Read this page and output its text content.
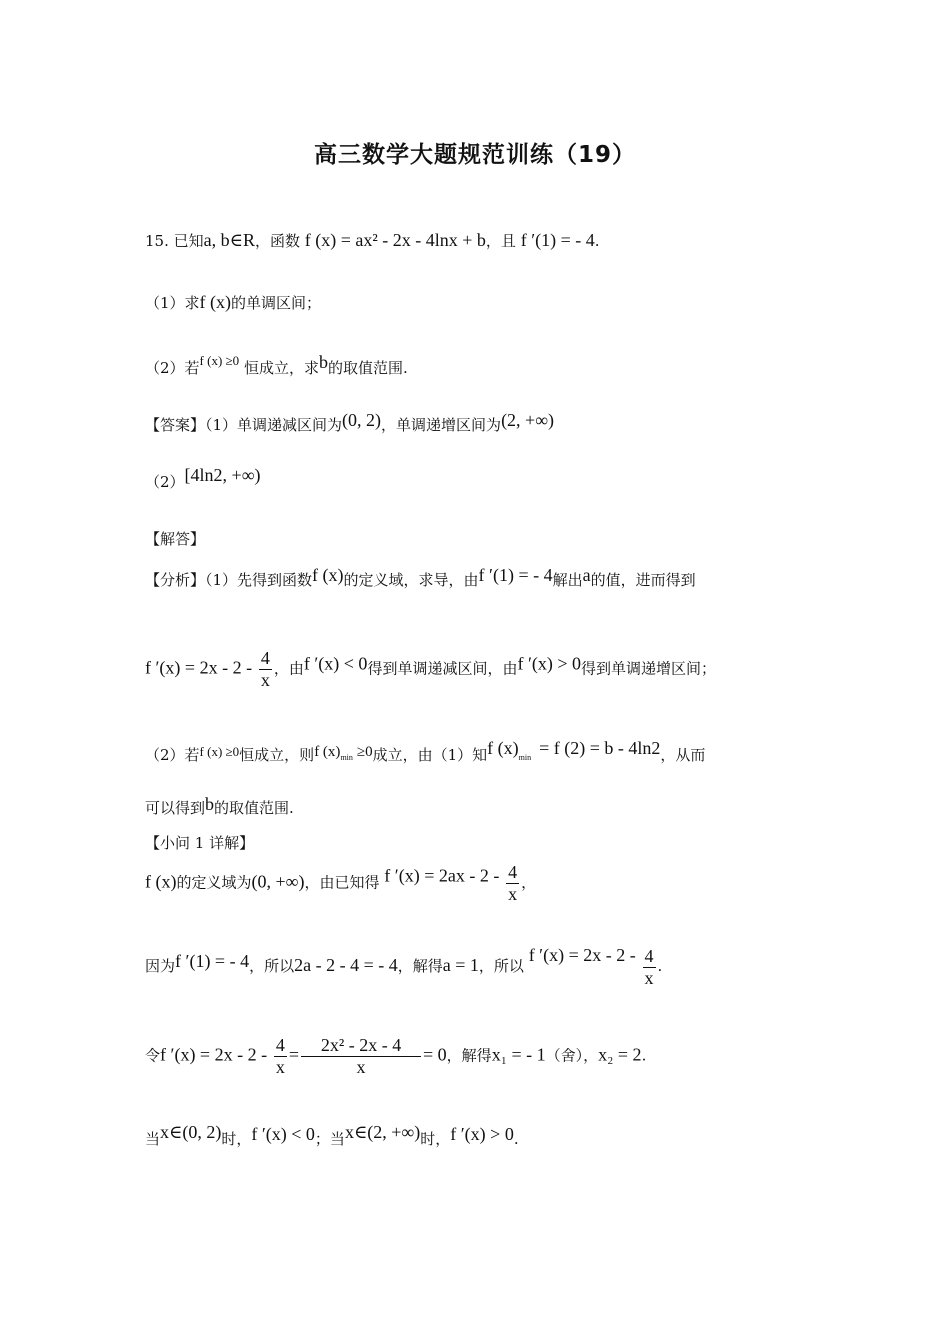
高三数学大题规范训练（19）
15. 已知a, b∈R，函数 f (x) = ax² - 2x - 4lnx + b，且 f ′(1) = - 4.
（1）求f (x)的单调区间；
（2）若f (x) ≥0 恒成立，求b的取值范围.
【答案】（1）单调递减区间为(0, 2)，单调递增区间为(2, +∞)
（2）[4ln2, +∞)
【解答】
【分析】（1）先得到函数f (x)的定义域，求导，由f ′(1) = - 4解出a的值，进而得到
f $'(x) = 2x - 2 - \frac{4}{x}$ ，由f ′(x) < 0得到单调递减区间，由f ′(x) > 0得到单调递增区间；
（2）若f (x) ≥0恒成立，则f (x)min ≥0成立，由（1）知f (x)min = f (2) = b - 4ln2，从而
可以得到b的取值范围.
【小问 1 详解】
f (x)的定义域为(0, +∞)，由已知得 f $'(x) = 2ax - 2 - \frac{4}{x}$ ，
因为f ′(1) = - 4，所以2a - 2 - 4 = - 4，解得a = 1，所以 f $'(x) = 2x - 2 - \frac{4}{x}$ .
令f $'(x) = 2x - 2 - \frac{4}{x} = \frac{\text{2x² - 2x - 4}}{x} = 0$，解得x₁ = - 1（舍），x₂ = 2.
当x∈(0, 2)时，f ′(x) < 0；当x∈(2, +∞)时，f ′(x) > 0.
